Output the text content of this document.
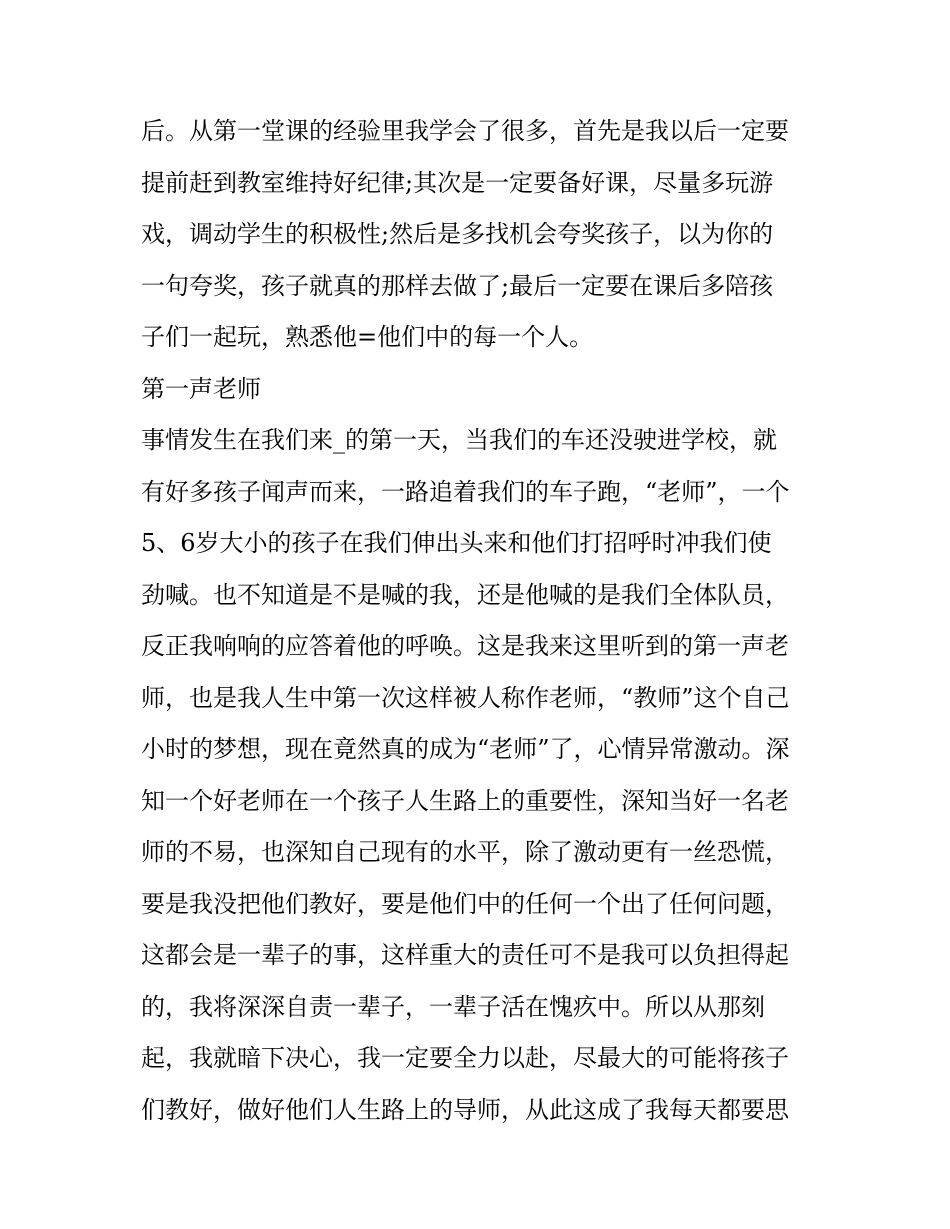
后。从第一堂课的经验里我学会了很多，首先是我以后一定要
提前赶到教室维持好纪律;其次是一定要备好课，尽量多玩游
戏，调动学生的积极性;然后是多找机会夸奖孩子，以为你的
一句夸奖，孩子就真的那样去做了;最后一定要在课后多陪孩
子们一起玩，熟悉他=他们中的每一个人。
第一声老师
事情发生在我们来_的第一天，当我们的车还没驶进学校，就
有好多孩子闻声而来，一路追着我们的车子跑，“老师”，一个
5、6岁大小的孩子在我们伸出头来和他们打招呼时冲我们使
劲喊。也不知道是不是喊的我，还是他喊的是我们全体队员，
反正我响响的应答着他的呼唤。这是我来这里听到的第一声老
师，也是我人生中第一次这样被人称作老师，“教师”这个自己
小时的梦想，现在竟然真的成为“老师”了，心情异常激动。深
知一个好老师在一个孩子人生路上的重要性，深知当好一名老
师的不易，也深知自己现有的水平，除了激动更有一丝恐慌，
要是我没把他们教好，要是他们中的任何一个出了任何问题，
这都会是一辈子的事，这样重大的责任可不是我可以负担得起
的，我将深深自责一辈子，一辈子活在愧疚中。所以从那刻
起，我就暗下决心，我一定要全力以赴，尽最大的可能将孩子
们教好，做好他们人生路上的导师，从此这成了我每天都要思
